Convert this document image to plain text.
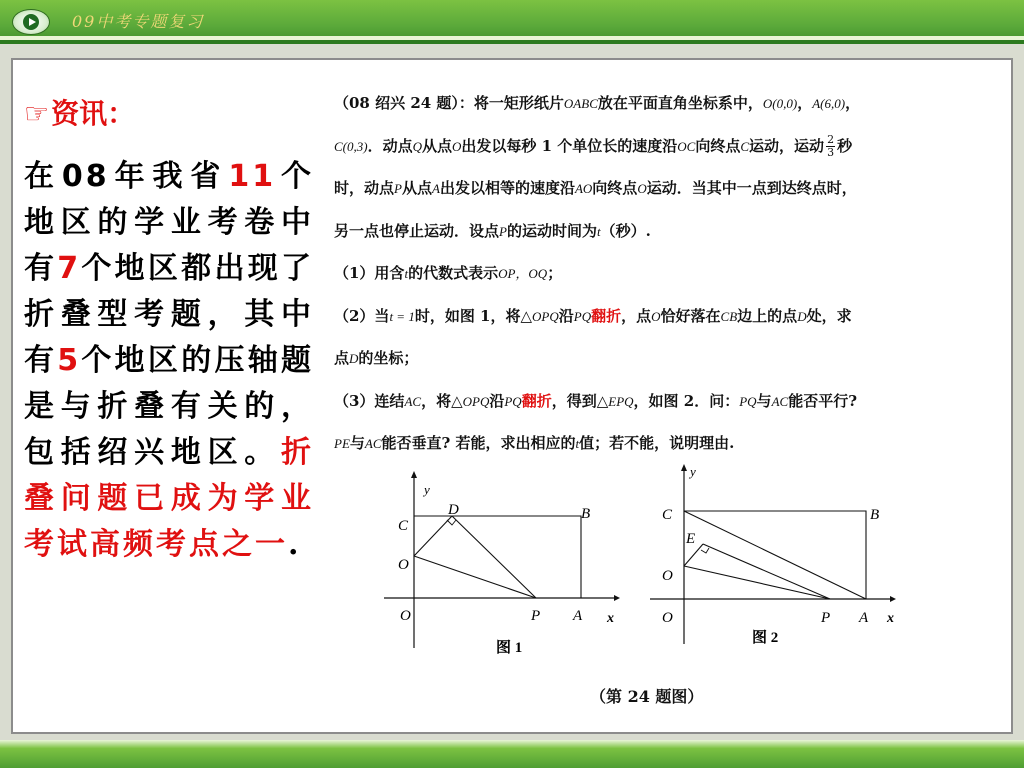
09中考专题复习
☞资讯：
在08年我省11个地区的学业考卷中有7个地区都出现了折叠型考题，其中有5个地区的压轴题是与折叠有关的，包括绍兴地区。折叠问题已成为学业考试高频考点之一.
（08 绍兴 24 题）：将一矩形纸片OABC放在平面直角坐标系中，O(0,0)，A(6,0)，
C(0,3)．动点Q从点O出发以每秒 1 个单位长的速度沿OC向终点C运动，运动 $\frac{2}{3}$ 秒
时，动点P从点A出发以相等的速度沿AO向终点O运动．当其中一点到达终点时，
另一点也停止运动．设点P的运动时间为t（秒）.
（1）用含t的代数式表示OP，OQ；
（2）当t = 1时，如图 1，将△OPQ沿PQ翻折，点O恰好落在CB边上的点D处，求
点D的坐标；
（3）连结AC，将△OPQ沿PQ翻折，得到△EPQ，如图 2．问：PQ与AC能否平行?
PE与AC能否垂直? 若能，求出相应的t值；若不能，说明理由.
y
x
C
D	B
O
O	P A
图 1
y
x
C
E
B
O
O	P A
图 2
（第 24 题图）
